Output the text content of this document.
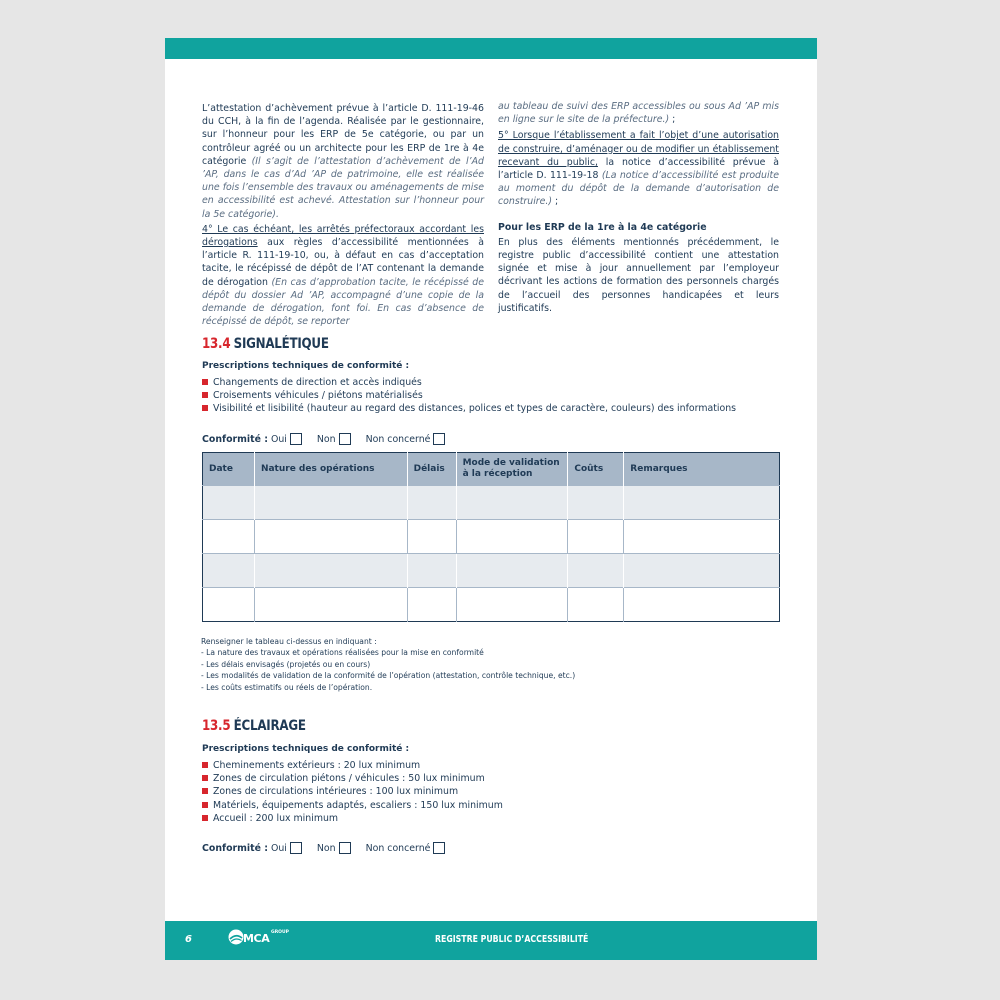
L’attestation d’achèvement prévue à l’article D. 111-19-46 du CCH, à la fin de l’agenda. Réalisée par le gestionnaire, sur l’honneur pour les ERP de 5e catégorie, ou par un contrôleur agréé ou un architecte pour les ERP de 1re à 4e catégorie (Il s’agit de l’attestation d’achèvement de l’Ad ’AP, dans le cas d’Ad ’AP de patrimoine, elle est réalisée une fois l’ensemble des travaux ou aménagements de mise en accessibilité est achevé. Attestation sur l’honneur pour la 5e catégorie).

4° Le cas échéant, les arrêtés préfectoraux accordant les dérogations aux règles d’accessibilité mentionnées à l’article R. 111-19-10, ou, à défaut en cas d’acceptation tacite, le récépissé de dépôt de l’AT contenant la demande de dérogation (En cas d’approbation tacite, le récépissé de dépôt du dossier Ad ’AP, accompagné d’une copie de la demande de dérogation, font foi. En cas d’absence de récépissé de dépôt, se reporter

au tableau de suivi des ERP accessibles ou sous Ad ’AP mis en ligne sur le site de la préfecture.) ;

5° Lorsque l’établissement a fait l’objet d’une autorisation de construire, d’aménager ou de modifier un établissement recevant du public, la notice d’accessibilité prévue à l’article D. 111-19-18 (La notice d’accessibilité est produite au moment du dépôt de la demande d’autorisation de construire.) ;

Pour les ERP de la 1re à la 4e catégorie

En plus des éléments mentionnés précédemment, le registre public d’accessibilité contient une attestation signée et mise à jour annuellement par l’employeur décrivant les actions de formation des personnels chargés de l’accueil des personnes handicapées et leurs justificatifs.

13.4 SIGNALÉTIQUE
Prescriptions techniques de conformité :
Changements de direction et accès indiqués
Croisements véhicules / piétons matérialisés
Visibilité et lisibilité (hauteur au regard des distances, polices et types de caractère, couleurs) des informations
Conformité : Oui	Non	Non concerné
Date	Nature des opérations	Délais	Mode de validation à la réception	Coûts	Remarques

Renseigner le tableau ci-dessus en indiquant :
- La nature des travaux et opérations réalisées pour la mise en conformité
- Les délais envisagés (projetés ou en cours)
- Les modalités de validation de la conformité de l’opération (attestation, contrôle technique, etc.)
- Les coûts estimatifs ou réels de l’opération.
13.5 ÉCLAIRAGE
Prescriptions techniques de conformité :
Cheminements extérieurs : 20 lux minimum
Zones de circulation piétons / véhicules : 50 lux minimum
Zones de circulations intérieures : 100 lux minimum
Matériels, équipements adaptés, escaliers : 150 lux minimum
Accueil : 200 lux minimum
Conformité : Oui	Non	Non concerné
6	MCA GROUP
REGISTRE PUBLIC D’ACCESSIBILITÉ
